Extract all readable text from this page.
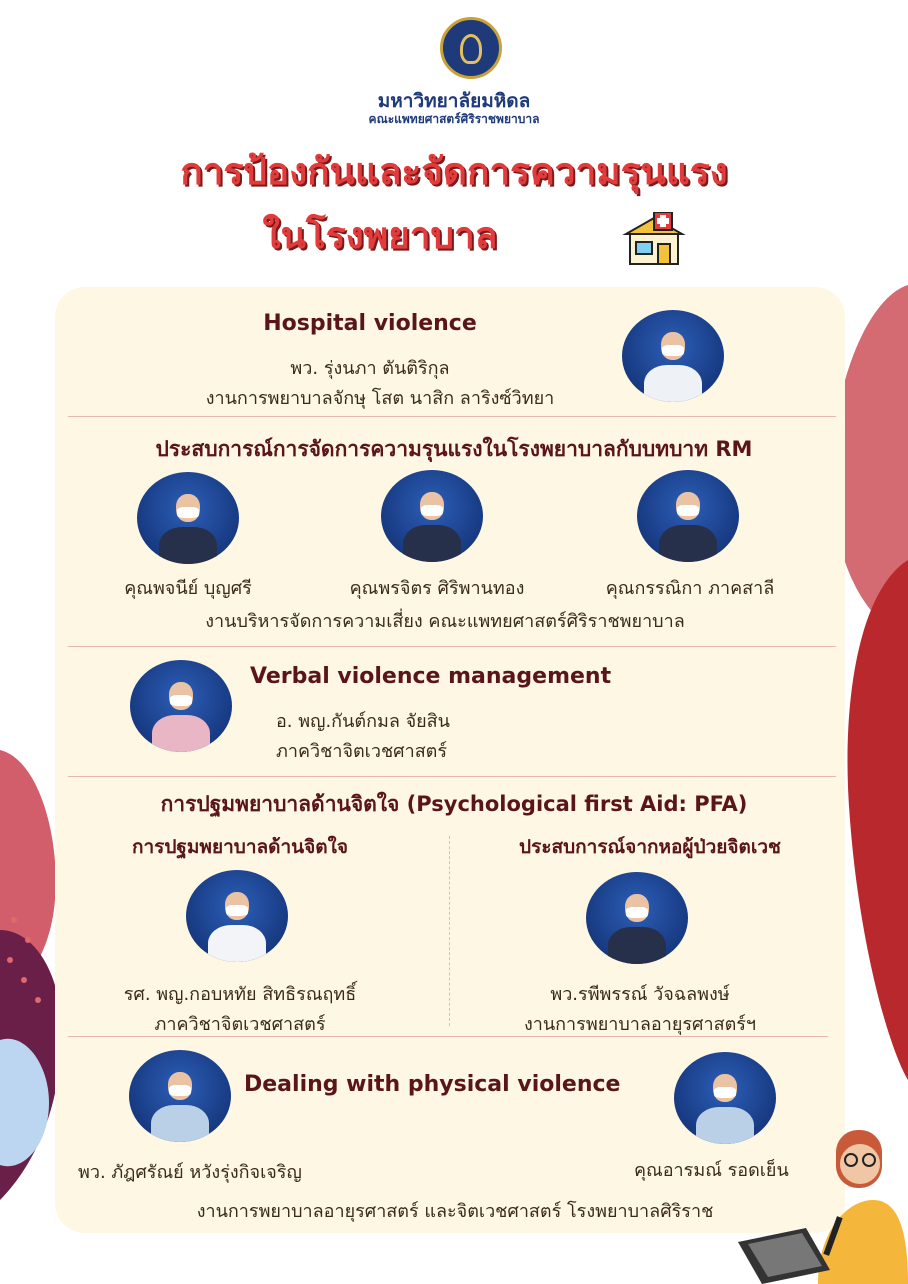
มหาวิทยาลัยมหิดล
คณะแพทยศาสตร์ศิริราชพยาบาล
การป้องกันและจัดการความรุนแรง
ในโรงพยาบาล
Hospital violence
พว. รุ่งนภา ตันติริกุล
งานการพยาบาลจักษุ โสต นาสิก ลาริงซ์วิทยา
ประสบการณ์การจัดการความรุนแรงในโรงพยาบาลกับบทบาท RM
คุณพจนีย์ บุญศรี	คุณพรจิตร ศิริพานทอง	คุณกรรณิกา ภาคสาลี
งานบริหารจัดการความเสี่ยง คณะแพทยศาสตร์ศิริราชพยาบาล
Verbal violence management
อ. พญ.กันต์กมล จัยสิน
ภาควิชาจิตเวชศาสตร์
การปฐมพยาบาลด้านจิตใจ (Psychological first Aid: PFA)
การปฐมพยาบาลด้านจิตใจ	ประสบการณ์จากหอผู้ป่วยจิตเวช
รศ. พญ.กอบหทัย สิทธิรณฤทธิ์
ภาควิชาจิตเวชศาสตร์
พว.รพีพรรณ์ วัจฉลพงษ์
งานการพยาบาลอายุรศาสตร์ฯ
Dealing with physical violence
พว. ภัฎศรัณย์ หวังรุ่งกิจเจริญ	คุณอารมณ์ รอดเย็น
งานการพยาบาลอายุรศาสตร์ และจิตเวชศาสตร์ โรงพยาบาลศิริราช
